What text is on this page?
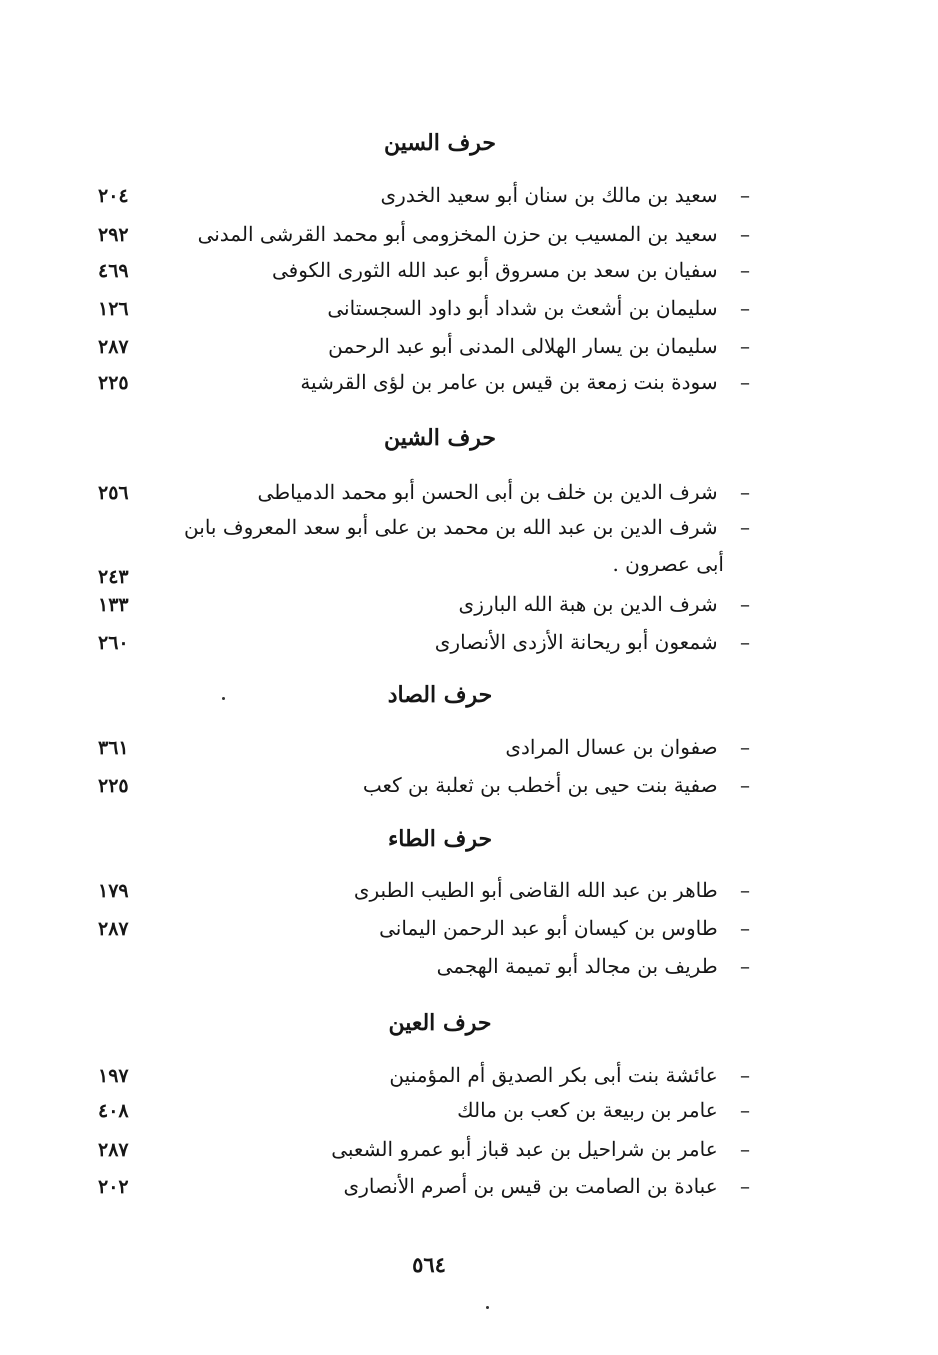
حرف السين
– سعيد بن مالك بن سنان أبو سعيد الخدرى
٢٠٤
– سعيد بن المسيب بن حزن المخزومى أبو محمد القرشى المدنى
٢٩٢
– سفيان بن سعد بن مسروق أبو عبد الله الثورى الكوفى
٤٦٩
– سليمان بن أشعث بن شداد أبو داود السجستانى
١٢٦
– سليمان بن يسار الهلالى المدنى أبو عبد الرحمن
٢٨٧
– سودة بنت زمعة بن قيس بن عامر بن لؤى القرشية
٢٢٥
حرف الشين
– شرف الدين بن خلف بن أبى الحسن أبو محمد الدمياطى
٢٥٦
– شرف الدين بن عبد الله بن محمد بن على أبو سعد المعروف بابن
أبى عصرون .
٢٤٣
– شرف الدين بن هبة الله البارزى
١٣٣
– شمعون أبو ريحانة الأزدى الأنصارى
٢٦٠
حرف الصاد
– صفوان بن عسال المرادى
٣٦١
– صفية بنت حيى بن أخطب بن ثعلبة بن كعب
٢٢٥
حرف الطاء
– طاهر بن عبد الله القاضى أبو الطيب الطبرى
١٧٩
– طاوس بن كيسان أبو عبد الرحمن اليمانى
٢٨٧
– طريف بن مجالد أبو تميمة الهجمى
حرف العين
– عائشة بنت أبى بكر الصديق أم المؤمنين
١٩٧
– عامر بن ربيعة بن كعب بن مالك
٤٠٨
– عامر بن شراحيل بن عبد قباز أبو عمرو الشعبى
٢٨٧
– عبادة بن الصامت بن قيس بن أصرم الأنصارى
٢٠٢
٥٦٤
